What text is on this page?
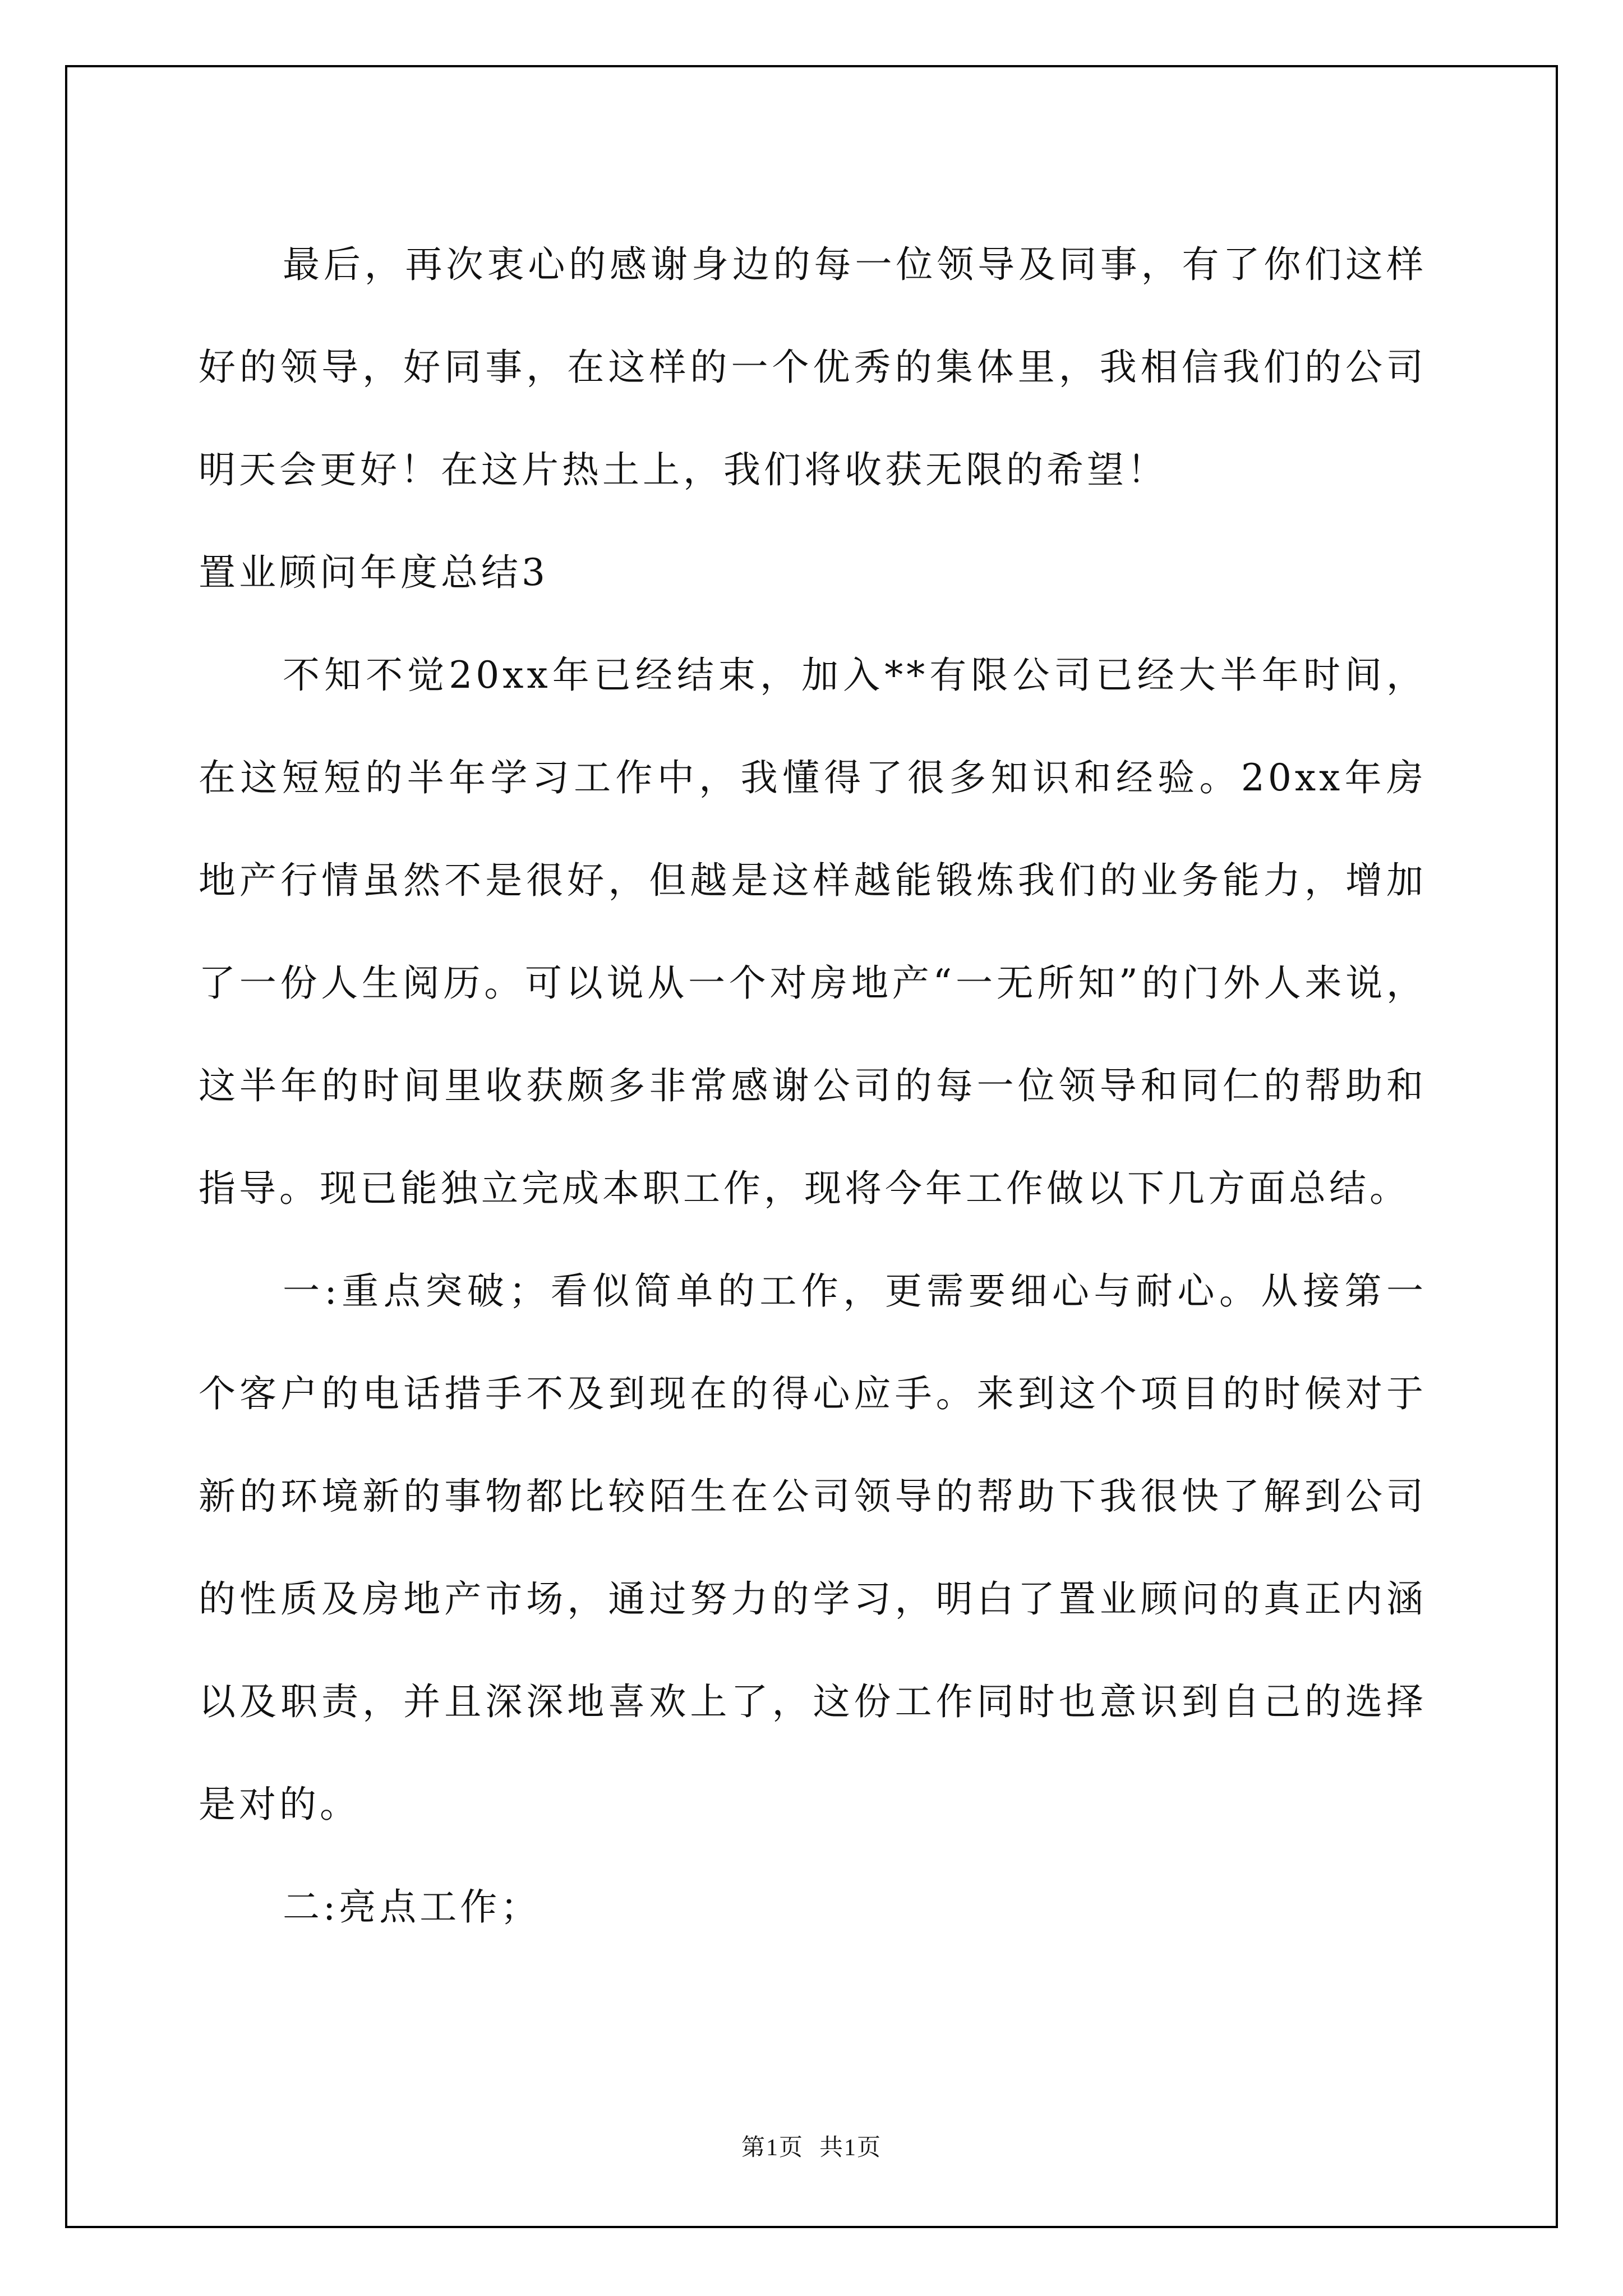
最后，再次衷心的感谢身边的每一位领导及同事，有了你们这样好的领导，好同事，在这样的一个优秀的集体里，我相信我们的公司明天会更好！在这片热土上，我们将收获无限的希望！

置业顾问年度总结3

不知不觉20xx年已经结束，加入**有限公司已经大半年时间，在这短短的半年学习工作中，我懂得了很多知识和经验。20xx年房地产行情虽然不是很好，但越是这样越能锻炼我们的业务能力，增加了一份人生阅历。可以说从一个对房地产“一无所知”的门外人来说，这半年的时间里收获颇多非常感谢公司的每一位领导和同仁的帮助和指导。现已能独立完成本职工作，现将今年工作做以下几方面总结。

一:重点突破；看似简单的工作，更需要细心与耐心。从接第一个客户的电话措手不及到现在的得心应手。来到这个项目的时候对于新的环境新的事物都比较陌生在公司领导的帮助下我很快了解到公司的性质及房地产市场，通过努力的学习，明白了置业顾问的真正内涵以及职责，并且深深地喜欢上了，这份工作同时也意识到自己的选择是对的。

二:亮点工作；

第1页 共1页
